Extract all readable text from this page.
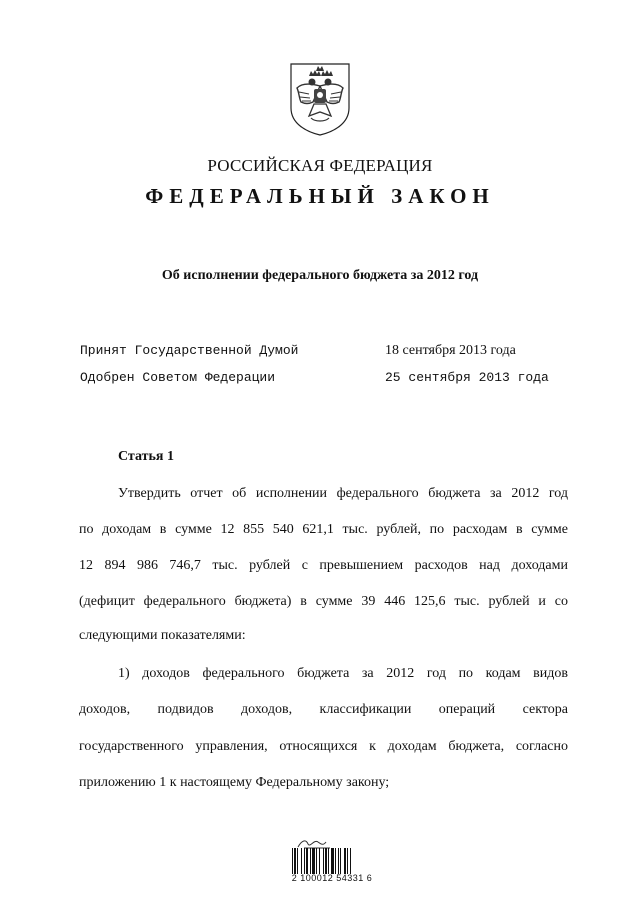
РОССИЙСКАЯ ФЕДЕРАЦИЯ
ФЕДЕРАЛЬНЫЙ ЗАКОН
Об исполнении федерального бюджета за 2012 год
Принят Государственной Думой	18 сентября 2013 года
Одобрен Советом Федерации	25 сентября 2013 года
Статья 1
Утвердить отчет об исполнении федерального бюджета за 2012 год
по доходам в сумме 12 855 540 621,1 тыс. рублей, по расходам в сумме
12 894 986 746,7 тыс. рублей с превышением расходов над доходами
(дефицит федерального бюджета) в сумме 39 446 125,6 тыс. рублей и со
следующими показателями:
1) доходов федерального бюджета за 2012 год по кодам видов
доходов, подвидов доходов, классификации операций сектора
государственного управления, относящихся к доходам бюджета, согласно
приложению 1 к настоящему Федеральному закону;
2 100012 54331 6
